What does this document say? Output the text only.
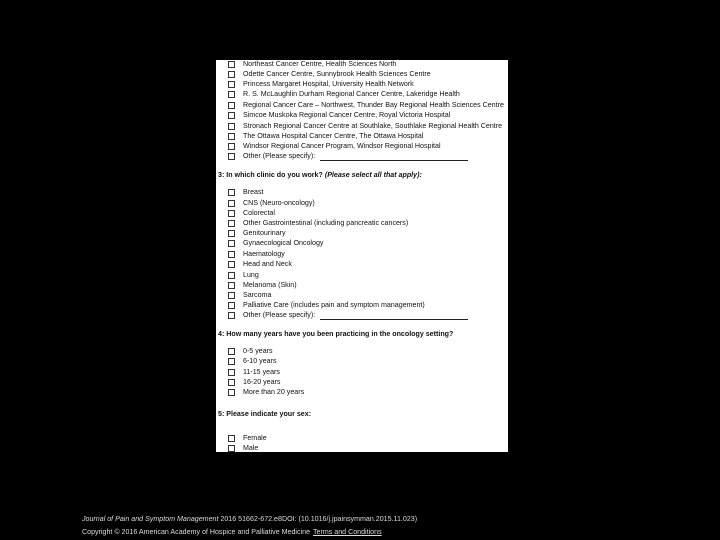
Northeast Cancer Centre, Health Sciences North
Odette Cancer Centre, Sunnybrook Health Sciences Centre
Princess Margaret Hospital, University Health Network
R. S. McLaughlin Durham Regional Cancer Centre, Lakeridge Health
Regional Cancer Care – Northwest, Thunder Bay Regional Health Sciences Centre
Simcoe Muskoka Regional Cancer Centre, Royal Victoria Hospital
Stronach Regional Cancer Centre at Southlake, Southlake Regional Health Centre
The Ottawa Hospital Cancer Centre, The Ottawa Hospital
Windsor Regional Cancer Program, Windsor Regional Hospital
Other (Please specify):
3: In which clinic do you work? (Please select all that apply):
Breast
CNS (Neuro-oncology)
Colorectal
Other Gastrointestinal (including pancreatic cancers)
Genitourinary
Gynaecological Oncology
Haematology
Head and Neck
Lung
Melanoma (Skin)
Sarcoma
Palliative Care (includes pain and symptom management)
Other (Please specify):
4: How many years have you been practicing in the oncology setting?
0-5 years
6-10 years
11-15 years
16-20 years
More than 20 years
5: Please indicate your sex:
Female
Male
Journal of Pain and Symptom Management 2016 51662-672.e8DOI: (10.1016/j.jpainsymman.2015.11.023)
Copyright © 2016 American Academy of Hospice and Palliative Medicine Terms and Conditions
